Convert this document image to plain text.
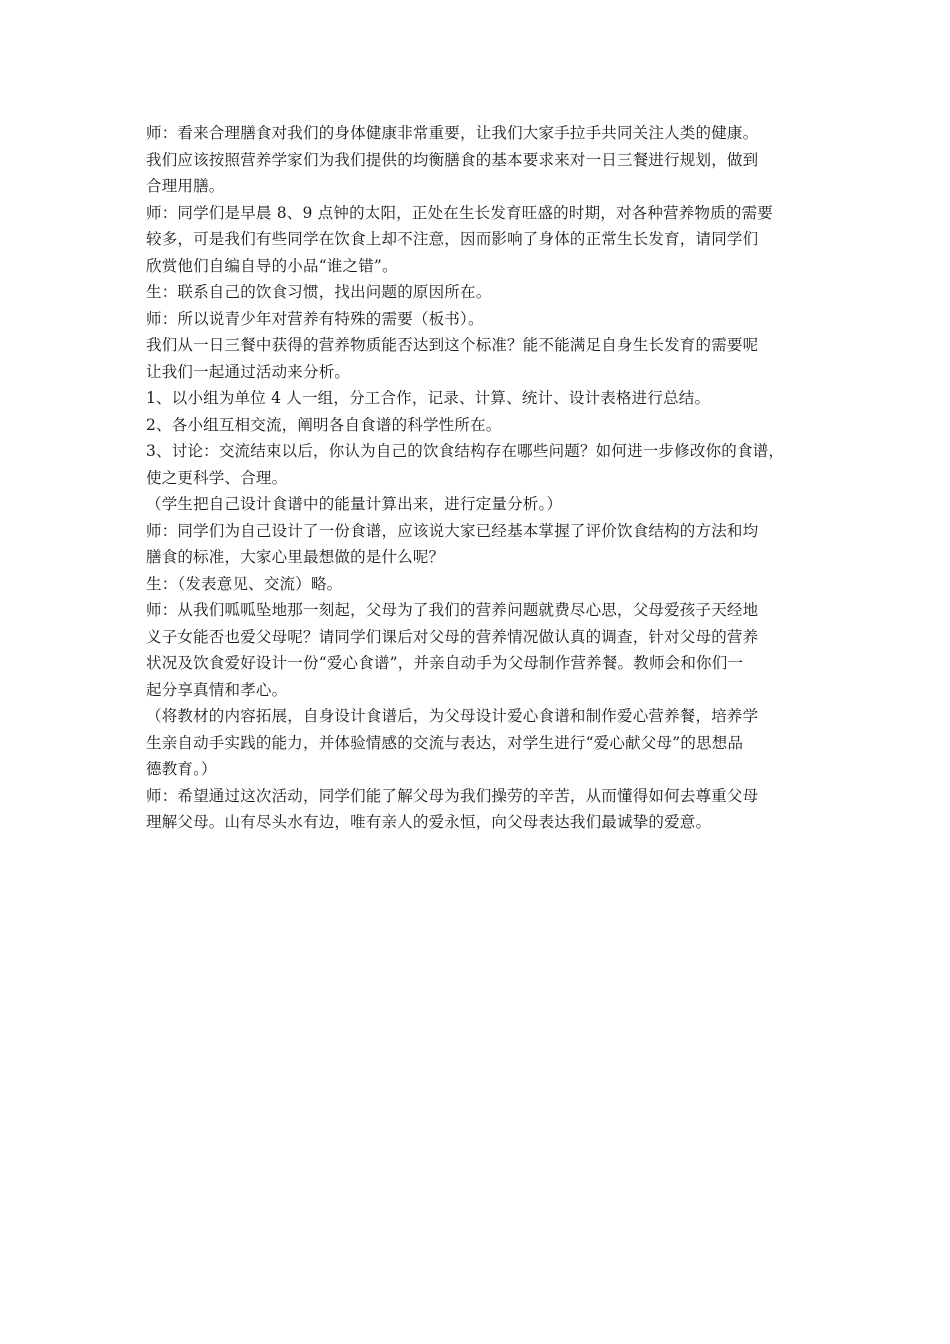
师：看来合理膳食对我们的身体健康非常重要，让我们大家手拉手共同关注人类的健康。
我们应该按照营养学家们为我们提供的均衡膳食的基本要求来对一日三餐进行规划，做到
合理用膳。
师：同学们是早晨 8、9 点钟的太阳，正处在生长发育旺盛的时期，对各种营养物质的需要
较多，可是我们有些同学在饮食上却不注意，因而影响了身体的正常生长发育，请同学们
欣赏他们自编自导的小品“谁之错”。
生：联系自己的饮食习惯，找出问题的原因所在。
师：所以说青少年对营养有特殊的需要（板书）。
我们从一日三餐中获得的营养物质能否达到这个标准？能不能满足自身生长发育的需要呢
让我们一起通过活动来分析。
1、以小组为单位 4 人一组，分工合作，记录、计算、统计、设计表格进行总结。
2、各小组互相交流，阐明各自食谱的科学性所在。
3、讨论：交流结束以后，你认为自己的饮食结构存在哪些问题？如何进一步修改你的食谱，
使之更科学、合理。
（学生把自己设计食谱中的能量计算出来，进行定量分析。）
师：同学们为自己设计了一份食谱，应该说大家已经基本掌握了评价饮食结构的方法和均
膳食的标准，大家心里最想做的是什么呢？
生：（发表意见、交流）略。
师：从我们呱呱坠地那一刻起，父母为了我们的营养问题就费尽心思，父母爱孩子天经地
义子女能否也爱父母呢？请同学们课后对父母的营养情况做认真的调查，针对父母的营养
状况及饮食爱好设计一份“爱心食谱”，并亲自动手为父母制作营养餐。教师会和你们一
起分享真情和孝心。
（将教材的内容拓展，自身设计食谱后，为父母设计爱心食谱和制作爱心营养餐，培养学
生亲自动手实践的能力，并体验情感的交流与表达，对学生进行“爱心献父母”的思想品
德教育。）
师：希望通过这次活动，同学们能了解父母为我们操劳的辛苦，从而懂得如何去尊重父母
理解父母。山有尽头水有边，唯有亲人的爱永恒，向父母表达我们最诚挚的爱意。
